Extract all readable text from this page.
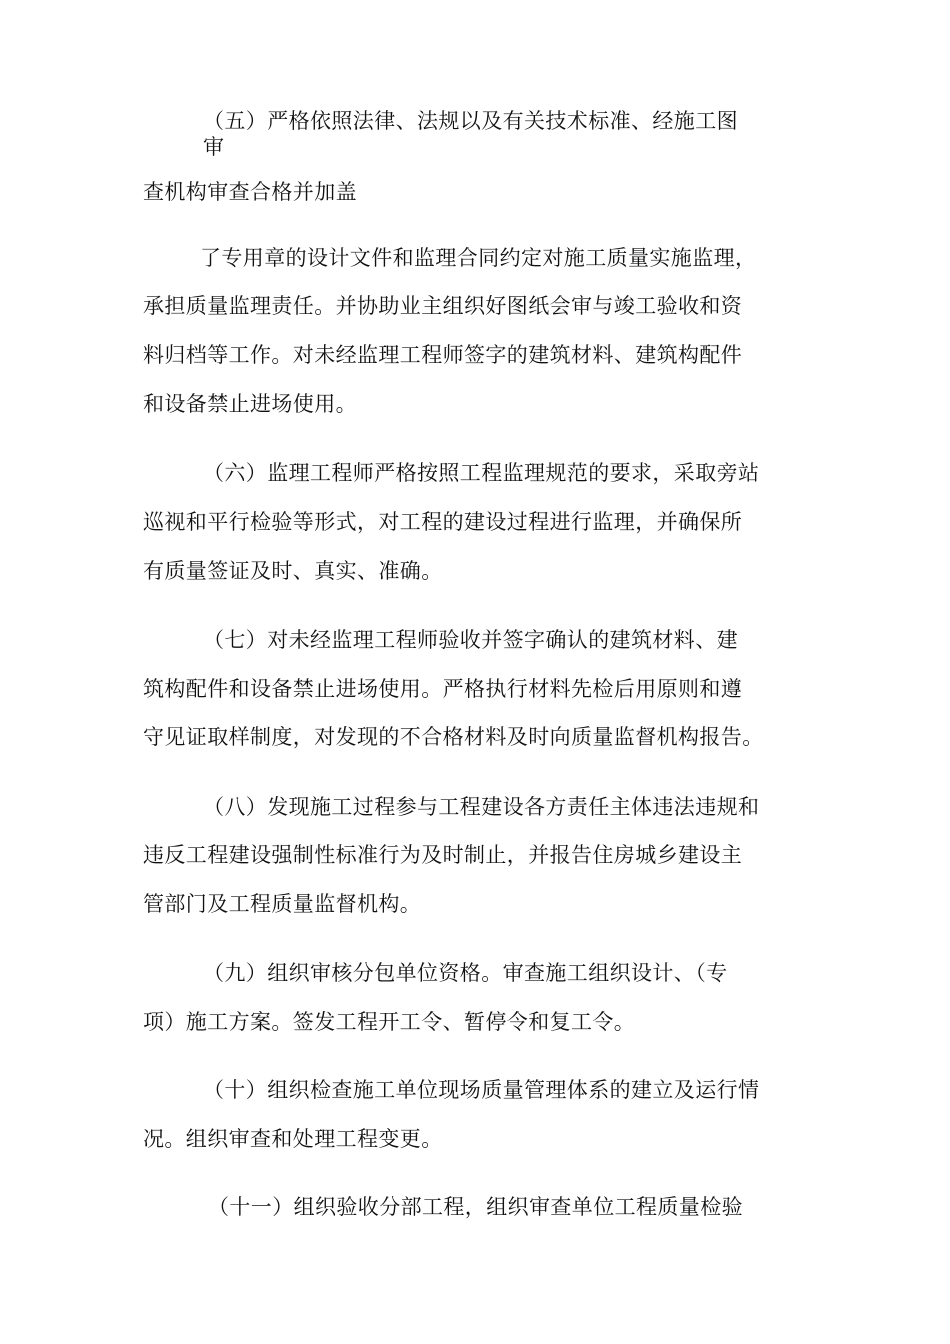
（五）严格依照法律、法规以及有关技术标准、经施工图
审
查机构审查合格并加盖
了专用章的设计文件和监理合同约定对施工质量实施监理，
承担质量监理责任。并协助业主组织好图纸会审与竣工验收和资
料归档等工作。对未经监理工程师签字的建筑材料、建筑构配件
和设备禁止进场使用。
（六）监理工程师严格按照工程监理规范的要求，采取旁站
巡视和平行检验等形式，对工程的建设过程进行监理，并确保所
有质量签证及时、真实、准确。
（七）对未经监理工程师验收并签字确认的建筑材料、建
筑构配件和设备禁止进场使用。严格执行材料先检后用原则和遵
守见证取样制度，对发现的不合格材料及时向质量监督机构报告。
（八）发现施工过程参与工程建设各方责任主体违法违规和
违反工程建设强制性标准行为及时制止，并报告住房城乡建设主
管部门及工程质量监督机构。
（九）组织审核分包单位资格。审查施工组织设计、（专
项）施工方案。签发工程开工令、暂停令和复工令。
（十）组织检查施工单位现场质量管理体系的建立及运行情
况。组织审查和处理工程变更。
（十一）组织验收分部工程，组织审查单位工程质量检验
